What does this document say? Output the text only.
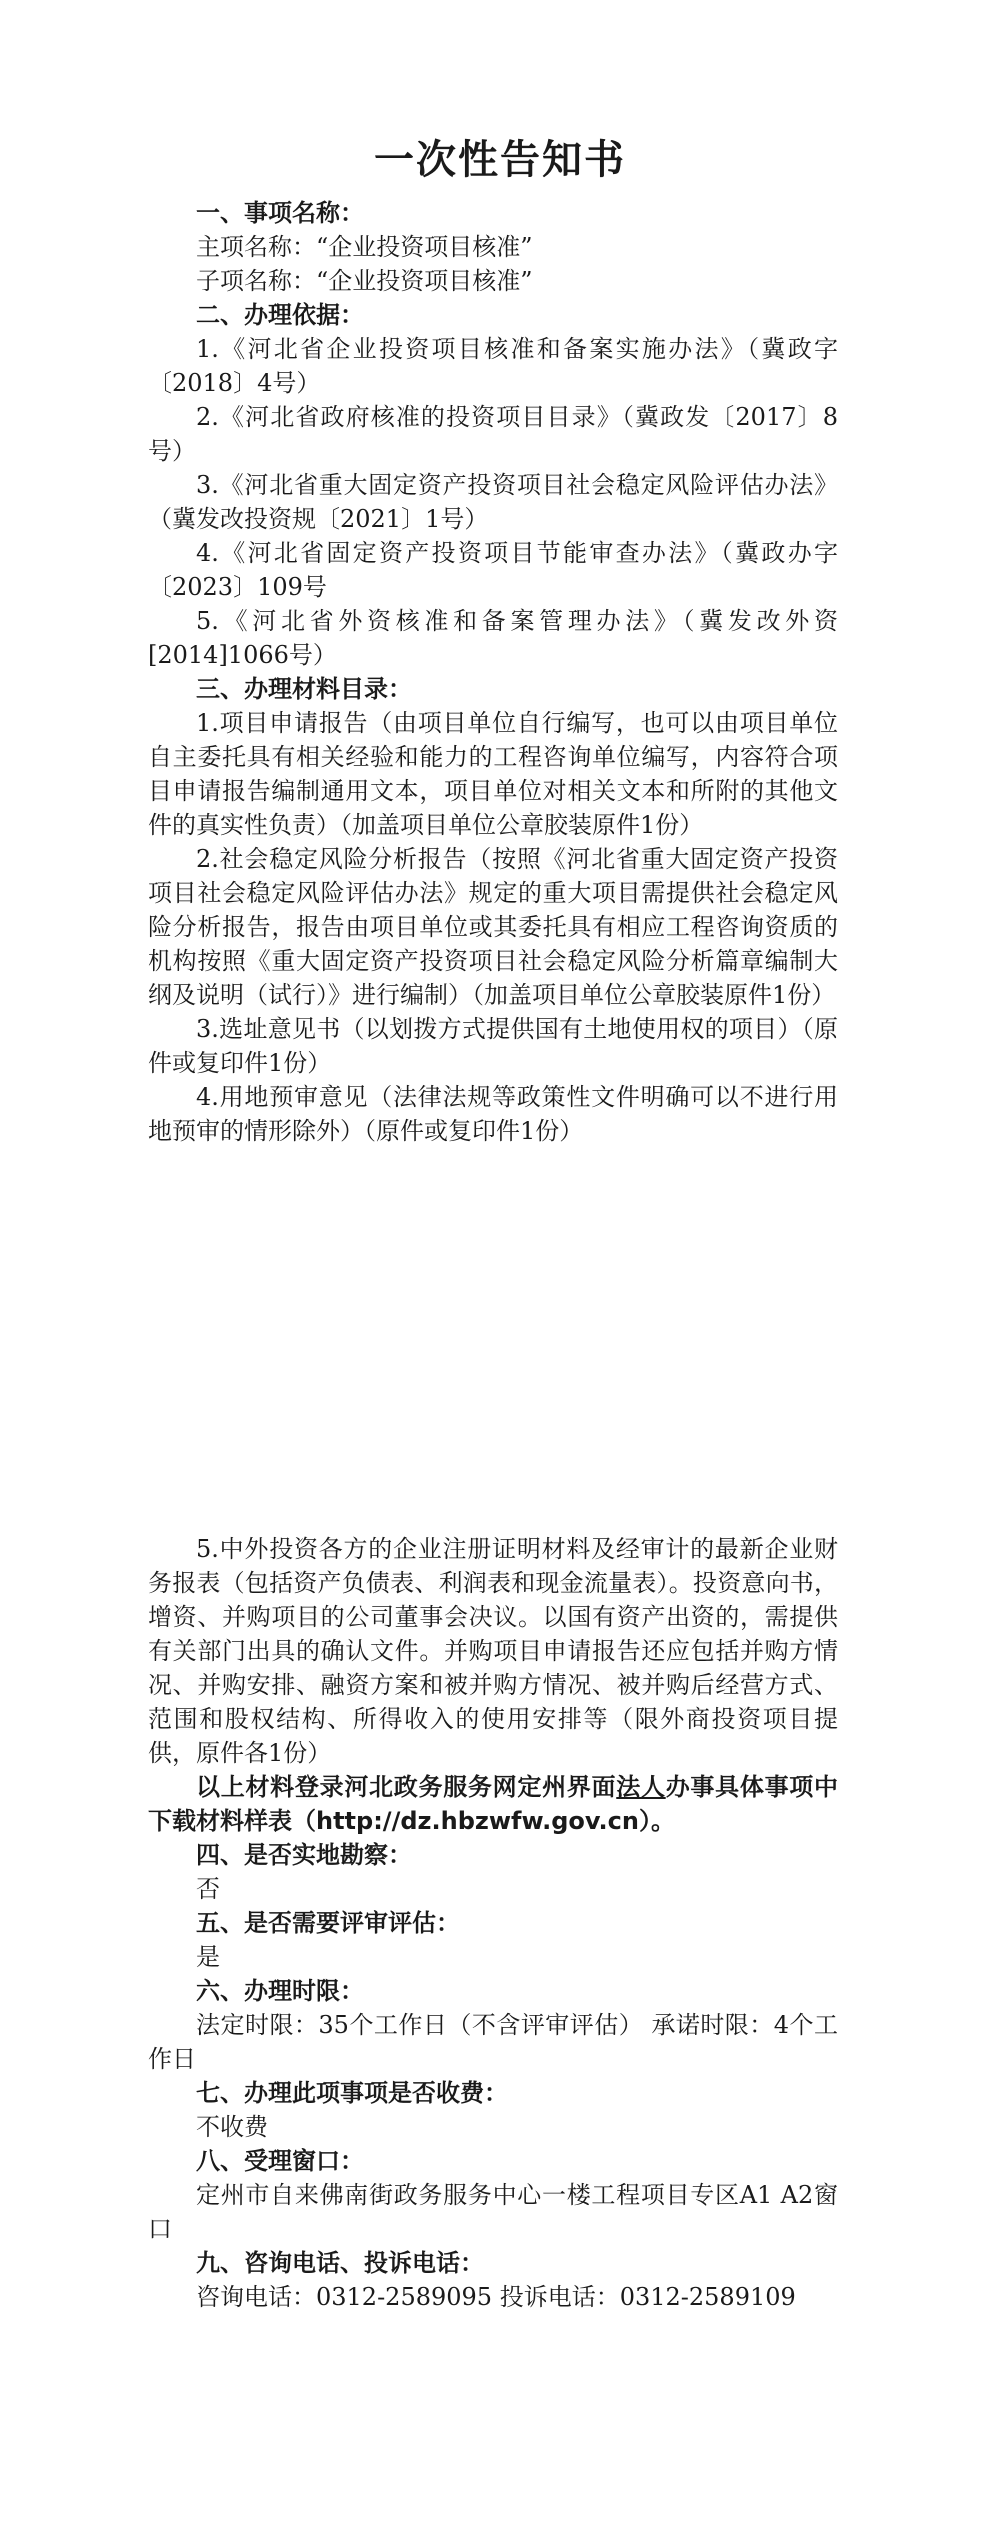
一次性告知书
一、事项名称：
主项名称：“企业投资项目核准”
子项名称：“企业投资项目核准”
二、办理依据：
1.《河北省企业投资项目核准和备案实施办法》（冀政字〔2018〕4号）
2.《河北省政府核准的投资项目目录》（冀政发〔2017〕8号）
3.《河北省重大固定资产投资项目社会稳定风险评估办法》（冀发改投资规〔2021〕1号）
4.《河北省固定资产投资项目节能审查办法》（冀政办字〔2023〕109号
5.《河北省外资核准和备案管理办法》（冀发改外资[2014]1066号）
三、办理材料目录：
1.项目申请报告（由项目单位自行编写，也可以由项目单位自主委托具有相关经验和能力的工程咨询单位编写，内容符合项目申请报告编制通用文本，项目单位对相关文本和所附的其他文件的真实性负责）（加盖项目单位公章胶装原件1份）
2.社会稳定风险分析报告（按照《河北省重大固定资产投资项目社会稳定风险评估办法》规定的重大项目需提供社会稳定风险分析报告，报告由项目单位或其委托具有相应工程咨询资质的机构按照《重大固定资产投资项目社会稳定风险分析篇章编制大纲及说明（试行）》进行编制）（加盖项目单位公章胶装原件1份）
3.选址意见书（以划拨方式提供国有土地使用权的项目）（原件或复印件1份）
4.用地预审意见（法律法规等政策性文件明确可以不进行用地预审的情形除外）（原件或复印件1份）
5.中外投资各方的企业注册证明材料及经审计的最新企业财务报表（包括资产负债表、利润表和现金流量表）。投资意向书，增资、并购项目的公司董事会决议。以国有资产出资的，需提供有关部门出具的确认文件。并购项目申请报告还应包括并购方情况、并购安排、融资方案和被并购方情况、被并购后经营方式、范围和股权结构、所得收入的使用安排等（限外商投资项目提供，原件各1份）
以上材料登录河北政务服务网定州界面法人办事具体事项中下载材料样表（http://dz.hbzwfw.gov.cn）。
四、是否实地勘察：
否
五、是否需要评审评估：
是
六、办理时限：
法定时限：35个工作日（不含评审评估） 承诺时限：4个工作日
七、办理此项事项是否收费：
不收费
八、受理窗口：
定州市自来佛南街政务服务中心一楼工程项目专区A1 A2窗口
九、咨询电话、投诉电话：
咨询电话：0312-2589095 投诉电话：0312-2589109
